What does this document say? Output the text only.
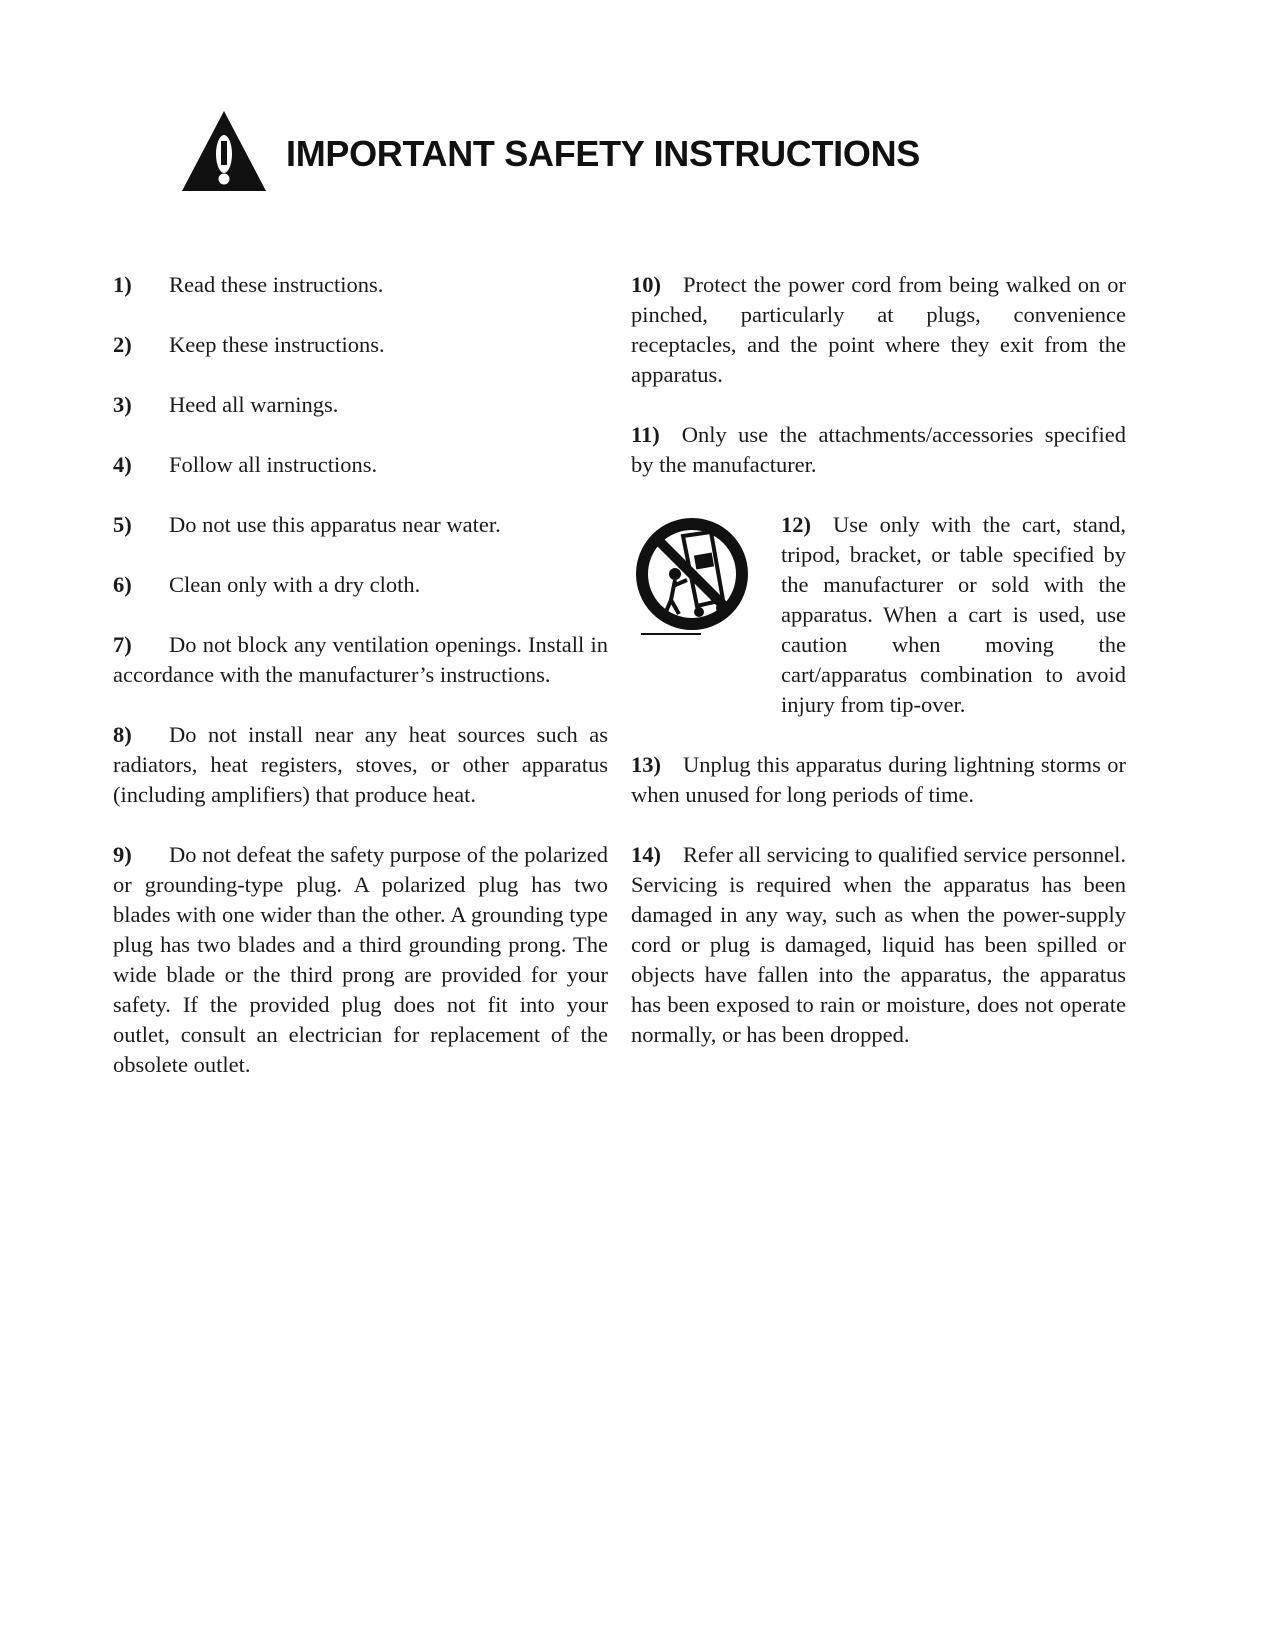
IMPORTANT SAFETY INSTRUCTIONS

1) Read these instructions.

2) Keep these instructions.

3) Heed all warnings.

4) Follow all instructions.

5) Do not use this apparatus near water.

6) Clean only with a dry cloth.

7) Do not block any ventilation openings. Install in accordance with the manufacturer’s instructions.

8) Do not install near any heat sources such as radiators, heat registers, stoves, or other apparatus (including amplifiers) that produce heat.

9) Do not defeat the safety purpose of the polarized or grounding-type plug. A polarized plug has two blades with one wider than the other. A grounding type plug has two blades and a third grounding prong. The wide blade or the third prong are provided for your safety. If the provided plug does not fit into your outlet, consult an electrician for replacement of the obsolete outlet.

10) Protect the power cord from being walked on or pinched, particularly at plugs, convenience receptacles, and the point where they exit from the apparatus.

11) Only use the attachments/accessories specified by the manufacturer.

12) Use only with the cart, stand, tripod, bracket, or table specified by the manufacturer or sold with the apparatus. When a cart is used, use caution when moving the cart/apparatus combination to avoid injury from tip-over.

13) Unplug this apparatus during lightning storms or when unused for long periods of time.

14) Refer all servicing to qualified service personnel. Servicing is required when the apparatus has been damaged in any way, such as when the power-supply cord or plug is damaged, liquid has been spilled or objects have fallen into the apparatus, the apparatus has been exposed to rain or moisture, does not operate normally, or has been dropped.
